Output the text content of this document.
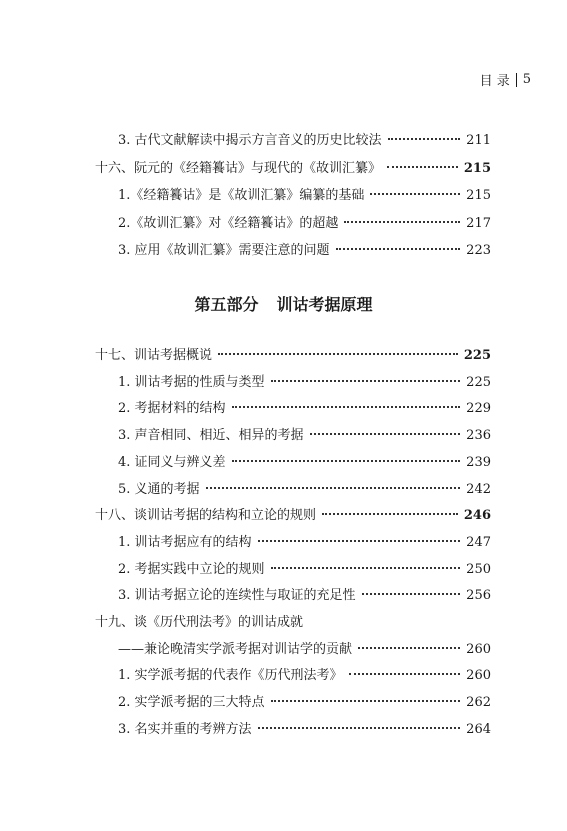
目 录 5
3. 古代文献解读中揭示方言音义的历史比较法	211
十六、阮元的《经籍籑诂》与现代的《故训汇纂》	215
1.《经籍籑诂》是《故训汇纂》编纂的基础	215
2.《故训汇纂》对《经籍籑诂》的超越	217
3. 应用《故训汇纂》需要注意的问题	223
第五部分 训诂考据原理
十七、训诂考据概说	225
1. 训诂考据的性质与类型	225
2. 考据材料的结构	229
3. 声音相同、相近、相异的考据	236
4. 证同义与辨义差	239
5. 义通的考据	242
十八、谈训诂考据的结构和立论的规则	246
1. 训诂考据应有的结构	247
2. 考据实践中立论的规则	250
3. 训诂考据立论的连续性与取证的充足性	256
十九、谈《历代刑法考》的训诂成就
——兼论晚清实学派考据对训诂学的贡献	260
1. 实学派考据的代表作《历代刑法考》	260
2. 实学派考据的三大特点	262
3. 名实并重的考辨方法	264
